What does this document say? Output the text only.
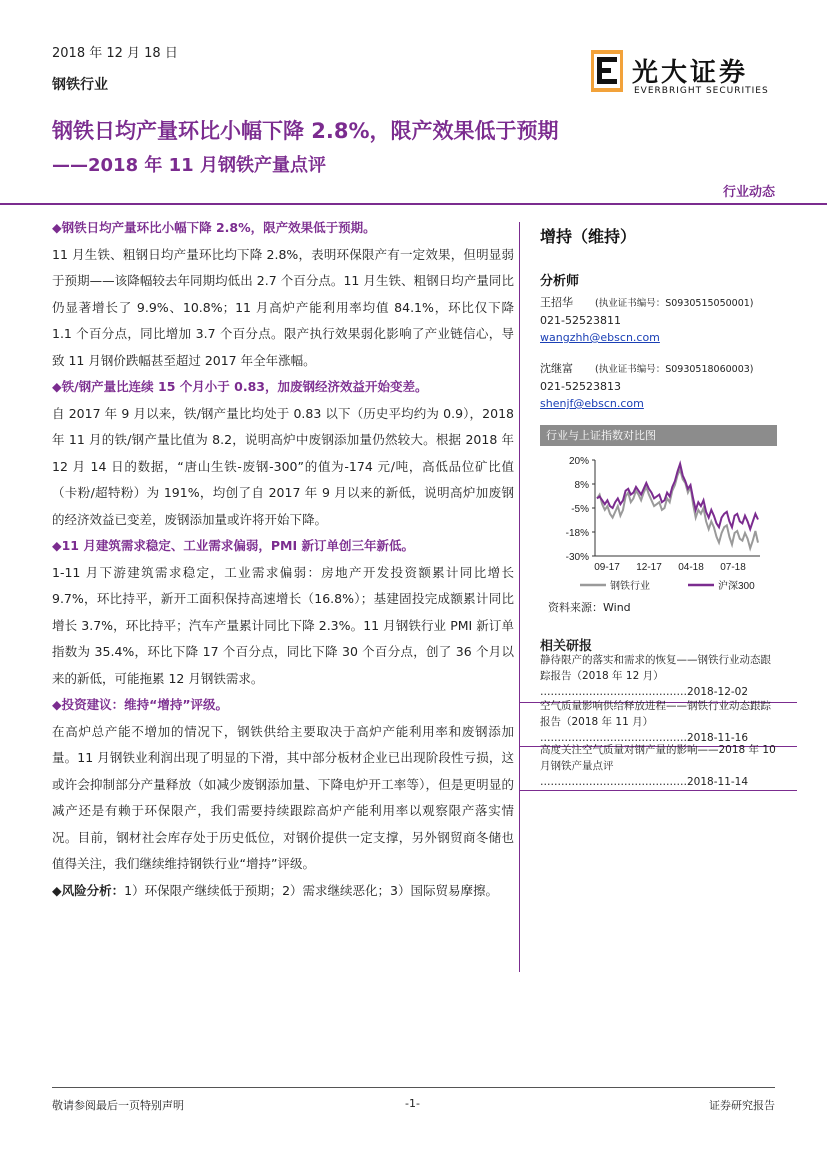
2018 年 12 月 18 日
钢铁行业	光大证券
EVERBRIGHT SECURITIES
钢铁日均产量环比小幅下降 2.8%，限产效果低于预期
——2018 年 11 月钢铁产量点评
行业动态

◆钢铁日均产量环比小幅下降 2.8%，限产效果低于预期。

11 月生铁、粗钢日均产量环比均下降 2.8%，表明环保限产有一定效果，但明显弱于预期——该降幅较去年同期均低出 2.7 个百分点。11 月生铁、粗钢日均产量同比仍显著增长了 9.9%、10.8%；11 月高炉产能利用率均值 84.1%，环比仅下降 1.1 个百分点，同比增加 3.7 个百分点。限产执行效果弱化影响了产业链信心，导致 11 月钢价跌幅甚至超过 2017 年全年涨幅。

◆铁/钢产量比连续 15 个月小于 0.83，加废钢经济效益开始变差。

自 2017 年 9 月以来，铁/钢产量比均处于 0.83 以下（历史平均约为 0.9），2018 年 11 月的铁/钢产量比值为 8.2，说明高炉中废钢添加量仍然较大。根据 2018 年 12 月 14 日的数据，“唐山生铁-废钢-300”的值为-174 元/吨，高低品位矿比值（卡粉/超特粉）为 191%，均创了自 2017 年 9 月以来的新低，说明高炉加废钢的经济效益已变差，废钢添加量或许将开始下降。

◆11 月建筑需求稳定、工业需求偏弱，PMI 新订单创三年新低。

1-11 月下游建筑需求稳定，工业需求偏弱：房地产开发投资额累计同比增长 9.7%，环比持平，新开工面积保持高速增长（16.8%）；基建固投完成额累计同比增长 3.7%，环比持平；汽车产量累计同比下降 2.3%。11 月钢铁行业 PMI 新订单指数为 35.4%，环比下降 17 个百分点，同比下降 30 个百分点，创了 36 个月以来的新低，可能拖累 12 月钢铁需求。

◆投资建议：维持“增持”评级。

在高炉总产能不增加的情况下，钢铁供给主要取决于高炉产能利用率和废钢添加量。11 月钢铁业利润出现了明显的下滑，其中部分板材企业已出现阶段性亏损，这或许会抑制部分产量释放（如减少废钢添加量、下降电炉开工率等），但是更明显的减产还是有赖于环保限产，我们需要持续跟踪高炉产能利用率以观察限产落实情况。目前，钢材社会库存处于历史低位，对钢价提供一定支撑，另外钢贸商冬储也值得关注，我们继续维持钢铁行业“增持”评级。

◆风险分析：1）环保限产继续低于预期；2）需求继续恶化；3）国际贸易摩擦。

增持（维持）
分析师
王招华 (执业证书编号：S0930515050001)
021-52523811
wangzhh@ebscn.com
沈继富 (执业证书编号：S0930518060003)
021-52523813
shenjf@ebscn.com
行业与上证指数对比图
20%
8%
-5%
-18%
-30%
09-17 12-17 04-18 07-18
钢铁行业	沪深300
资料来源：Wind
相关研报
静待限产的落实和需求的恢复——钢铁行业动态跟踪报告（2018 年 12 月）
……………………………………2018-12-02
空气质量影响供给释放进程——钢铁行业动态跟踪报告（2018 年 11 月）
……………………………………2018-11-16
高度关注空气质量对钢产量的影响——2018 年 10 月钢铁产量点评
……………………………………2018-11-14
敬请参阅最后一页特别声明	-1-	证券研究报告
